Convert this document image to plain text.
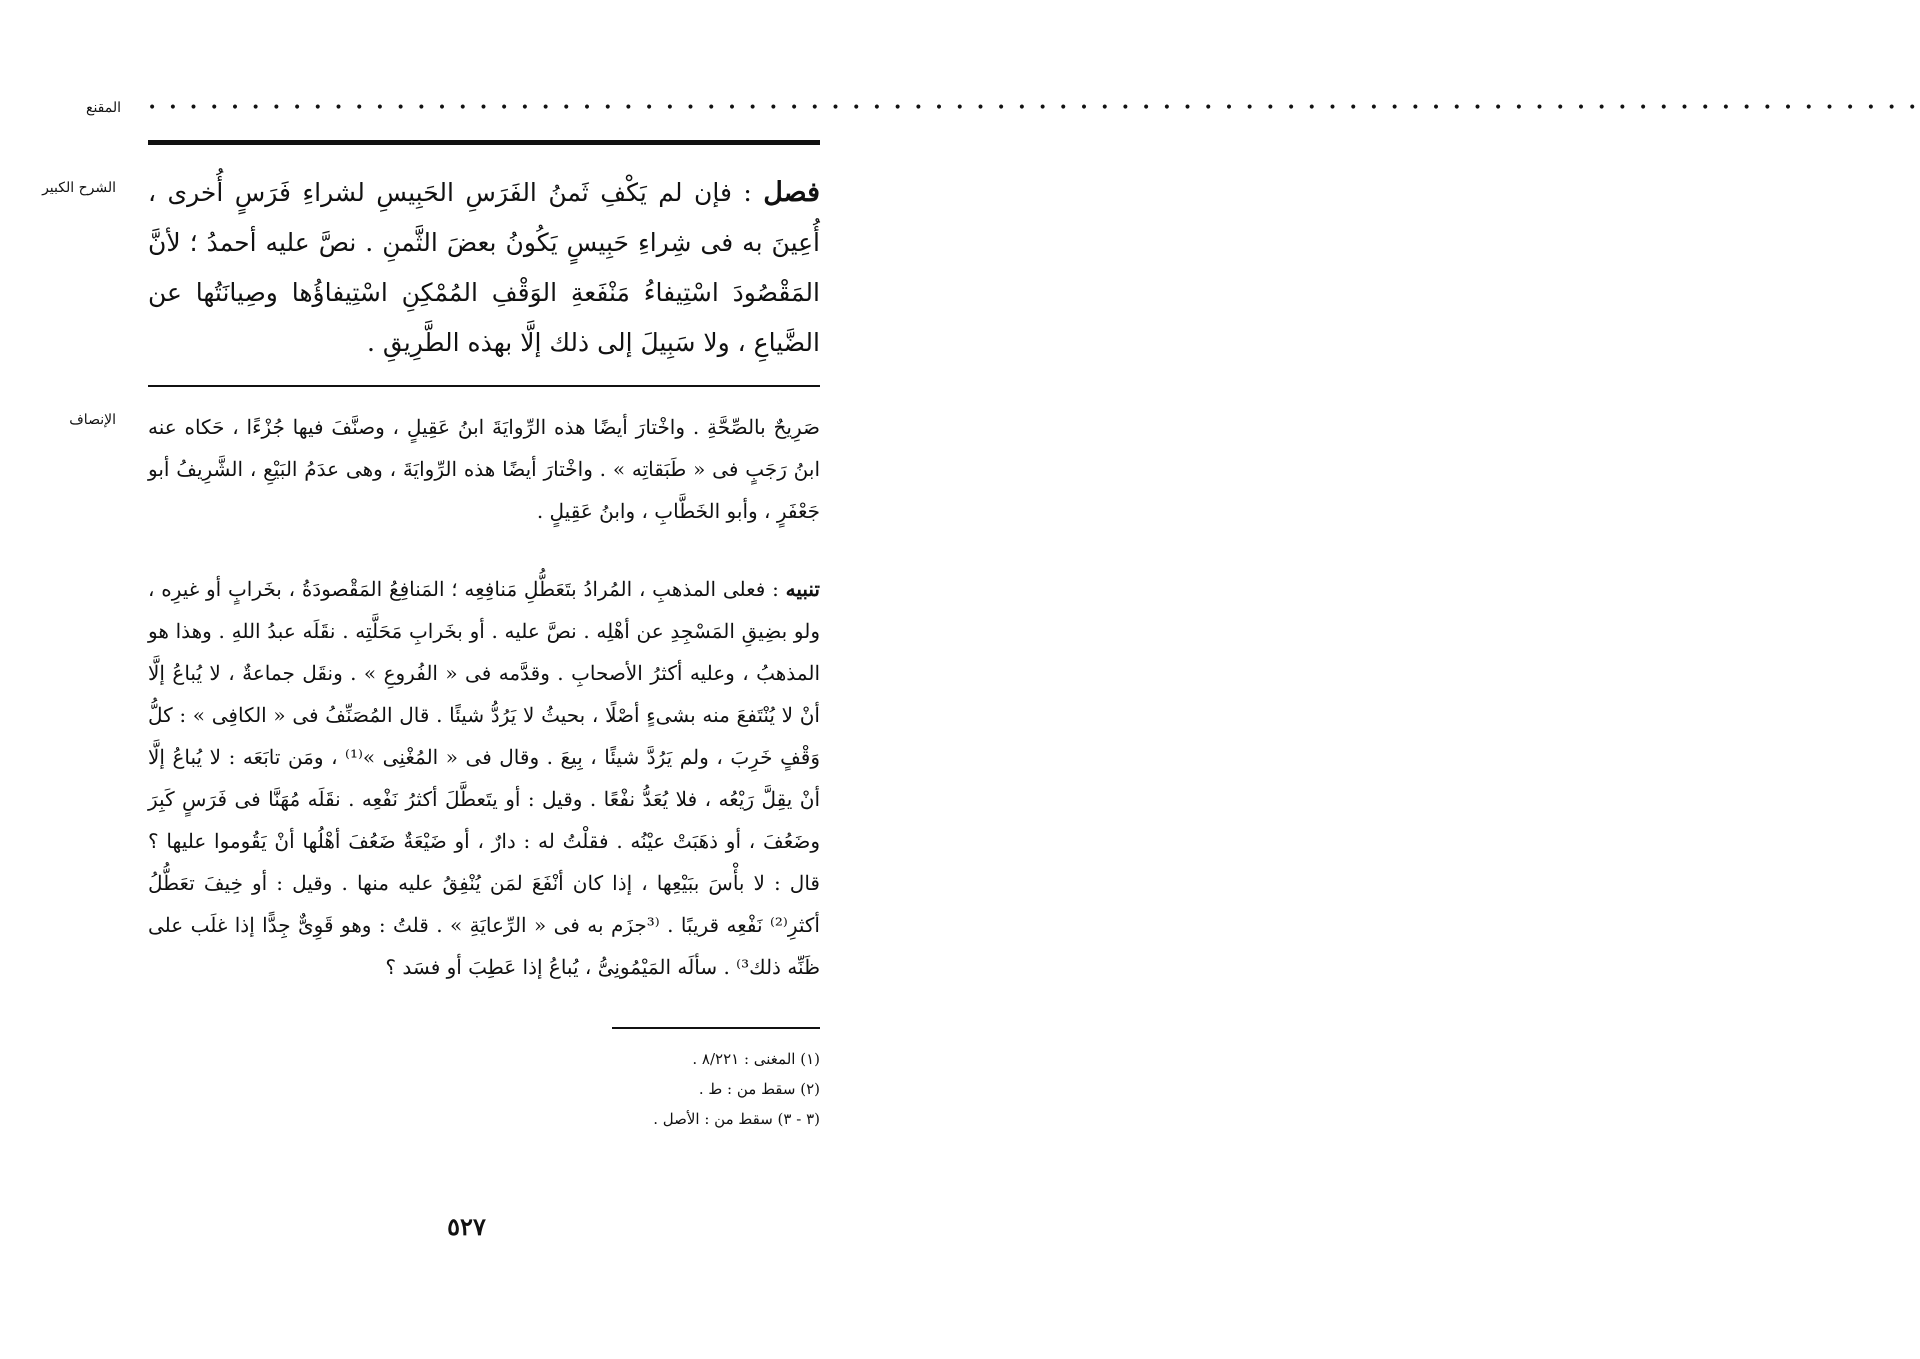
المقنع	• • • • • • • • • • • • • • • • • • • • • • • • • • • • • • • • • • • • • • • • • • • • • • • • • • • • • • • • • • • • • • • • • • • • • • • • • • • • • • • • • • • • • •
الشرح الكبير	فصل : فإن لم يَكْفِ ثَمنُ الفَرَسِ الحَبِيسِ لشراءِ فَرَسٍ أُخرى ، أُعِينَ به فى شِراءِ حَبِيسٍ يَكُونُ بعضَ الثَّمنِ . نصَّ عليه أحمدُ ؛ لأنَّ المَقْصُودَ اسْتِيفاءُ مَنْفَعةِ الوَقْفِ المُمْكِنِ اسْتِيفاؤُها وصِيانَتُها عن الضَّياعِ ، ولا سَبِيلَ إلى ذلك إلَّا بهذه الطَّرِيقِ .
الإنصاف صَرِيحٌ بالصِّحَّةِ . واخْتارَ أيضًا هذه الرِّوايَةَ ابنُ عَقِيلٍ ، وصنَّفَ فيها جُزْءًا ، حَكاه عنه ابنُ رَجَبٍ فى « طَبَقاتِه » . واخْتارَ أيضًا هذه الرِّوايَةَ ، وهى عدَمُ البَيْعِ ، الشَّرِيفُ أبو جَعْفَرٍ ، وأبو الخَطَّابِ ، وابنُ عَقِيلٍ .
تنبيه : فعلى المذهبِ ، المُرادُ بتَعَطُّلِ مَنافِعِه ؛ المَنافِعُ المَقْصودَةُ ، بخَرابٍ أو غيرِه ، ولو بضِيقِ المَسْجِدِ عن أهْلِه . نصَّ عليه . أو بخَرابِ مَحَلَّتِه . نقَلَه عبدُ اللهِ . وهذا هو المذهبُ ، وعليه أكثرُ الأصحابِ . وقدَّمه فى « الفُروعِ » . ونقَل جماعةٌ ، لا يُباعُ إلَّا أنْ لا يُنْتَفعَ منه بشىءٍ أصْلًا ، بحيثُ لا يَرُدُّ شيئًا . قال المُصَنِّفُ فى « الكافِى » : كلُّ وَقْفٍ خَرِبَ ، ولم يَرُدَّ شيئًا ، بِيعَ . وقال فى « المُغْنِى »⁽¹⁾ ، ومَن تابَعَه : لا يُباعُ إلَّا أنْ يقِلَّ رَيْعُه ، فلا يُعَدُّ نفْعًا . وقيل : أو يتَعطَّلَ أكثرُ نَفْعِه . نقَلَه مُهَنَّا فى فَرَسٍ كَبِرَ وضَعُفَ ، أو ذهَبَتْ عيْنُه . فقلْتُ له : دارٌ ، أو ضَيْعَةٌ ضَعُفَ أهْلُها أنْ يَقُوموا عليها ؟ قال : لا بأْسَ ببَيْعِها ، إذا كان أنْفَعَ لمَن يُنْفِقُ عليه منها . وقيل : أو خِيفَ تعَطُّلُ أكثرِ⁽²⁾ نَفْعِه قريبًا . ⁽³جزَم به فى « الرِّعايَةِ » . قلتُ : وهو قَوِىٌّ جِدًّا إذا غلَب على ظَنِّه ذلك³⁾ . سألَه المَيْمُونِىُّ ، يُباعُ إذا عَطِبَ أو فسَد ؟
(١) المغنى : ٨/٢٢١ .
(٢) سقط من : ط .
(٣ - ٣) سقط من : الأصل .
٥٢٧
